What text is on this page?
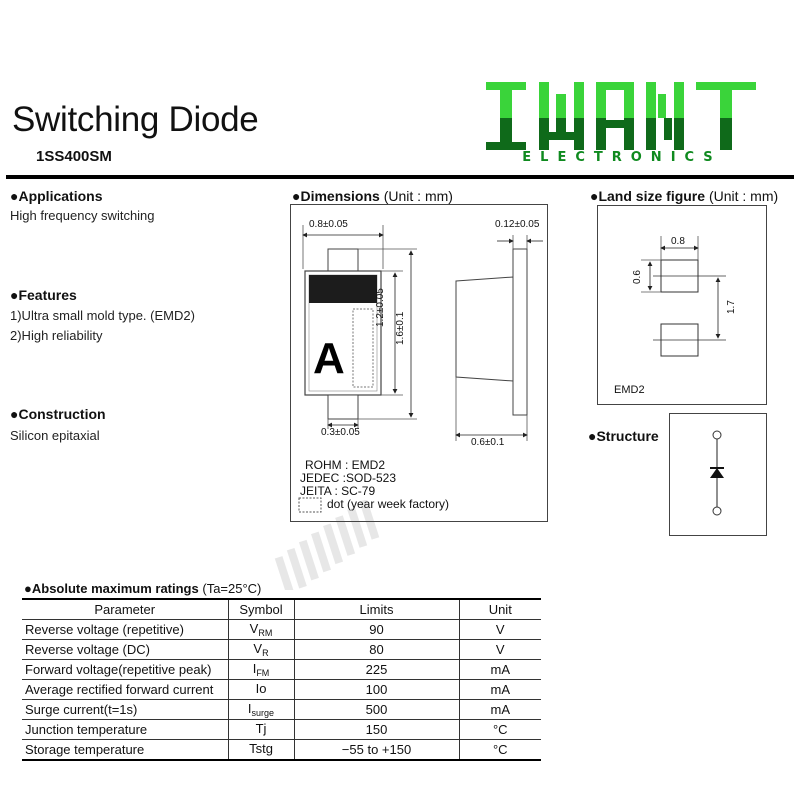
Switching Diode
1SS400SM	ELECTRONICS
●Applications
High frequency switching
●Features
1)Ultra small mold type. (EMD2)
2)High reliability
●Construction
Silicon epitaxial
●Dimensions (Unit : mm)
A
0.8±0.05	0.12±0.05
1.2±0.05
1.6±0.1
0.3±0.05
0.6±0.1
ROHM : EMD2
JEDEC :SOD-523
JEITA : SC-79
dot (year week factory)
●Land size figure (Unit : mm)
0.8
0.6
1.7
EMD2
●Structure
●Absolute maximum ratings (Ta=25°C)
Parameter	Symbol	Limits	Unit
Reverse voltage (repetitive)	$V_{RM}$	90	V
Reverse voltage (DC)	$V_R$	80	V
Forward voltage(repetitive peak)	$I_{FM}$	225	mA
Average rectified forward current	Io	100	mA
Surge current(t=1s)	$I_{surge}$	500	mA
Junction temperature	Tj	150	°C
Storage temperature	Tstg	−55 to +150	°C
